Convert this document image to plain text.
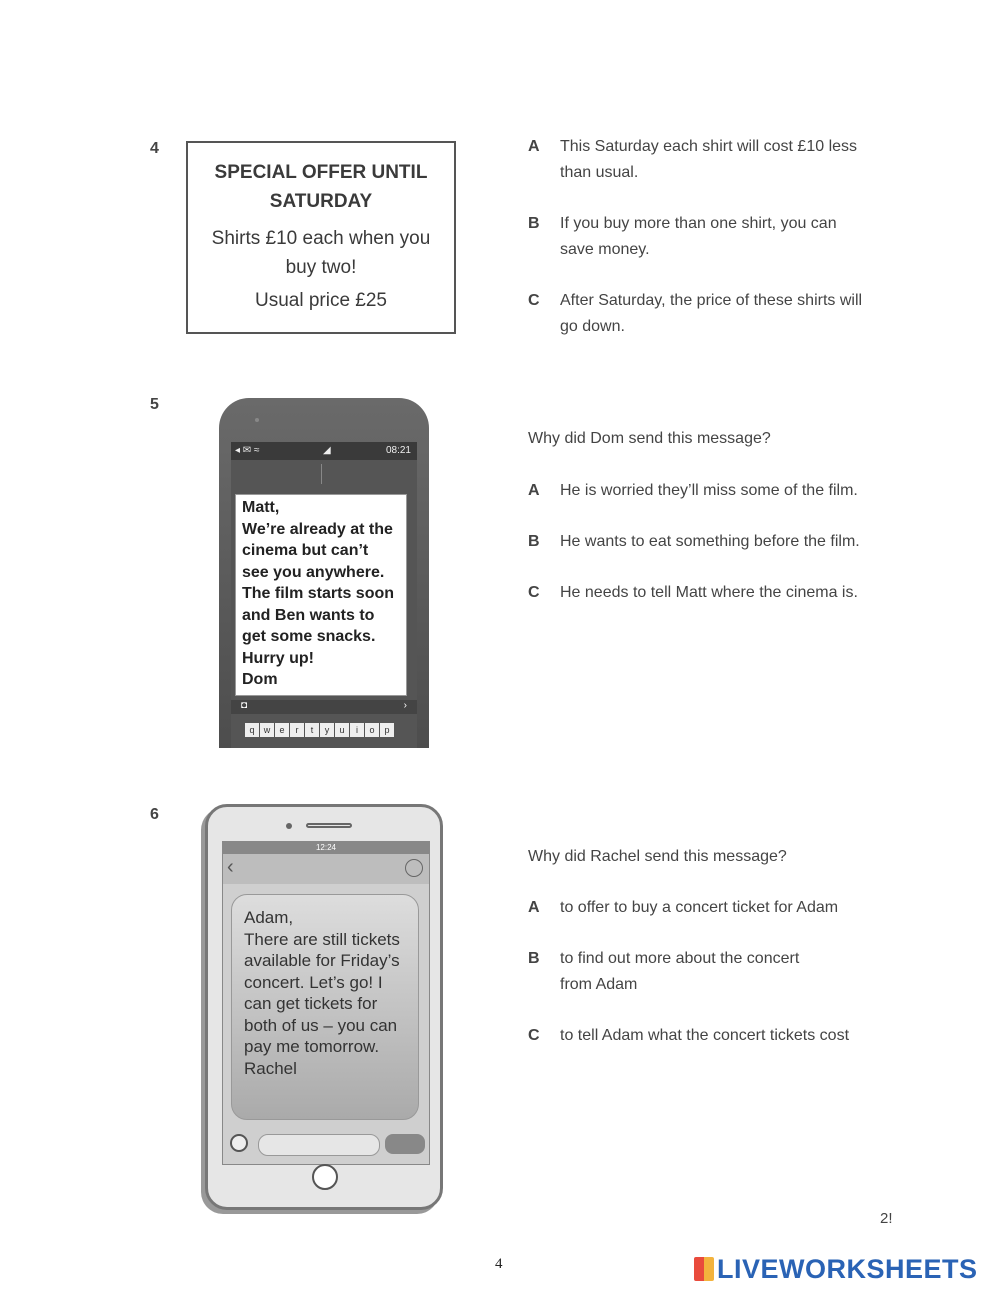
4
SPECIAL OFFER UNTIL
SATURDAY
Shirts £10 each when you
buy two!
Usual price £25
A This Saturday each shirt will cost £10 less
than usual.
B If you buy more than one shirt, you can
save money.
C After Saturday, the price of these shirts will
go down.
5
◂ ✉ ≈	◢	08:21
Matt,
We’re already at the
cinema but can’t
see you anywhere.
The film starts soon
and Ben wants to
get some snacks.
Hurry up!
Dom
◘	›
q w e r t y u i o p
Why did Dom send this message?
A He is worried they’ll miss some of the film.
B He wants to eat something before the film.
C He needs to tell Matt where the cinema is.
6
12:24
‹
Adam,
There are still tickets
available for Friday’s
concert. Let’s go! I
can get tickets for
both of us – you can
pay me tomorrow.
Rachel
Why did Rachel send this message?
A to offer to buy a concert ticket for Adam
B to find out more about the concert
from Adam
C to tell Adam what the concert tickets cost
2!
4	LIVEWORKSHEETS
